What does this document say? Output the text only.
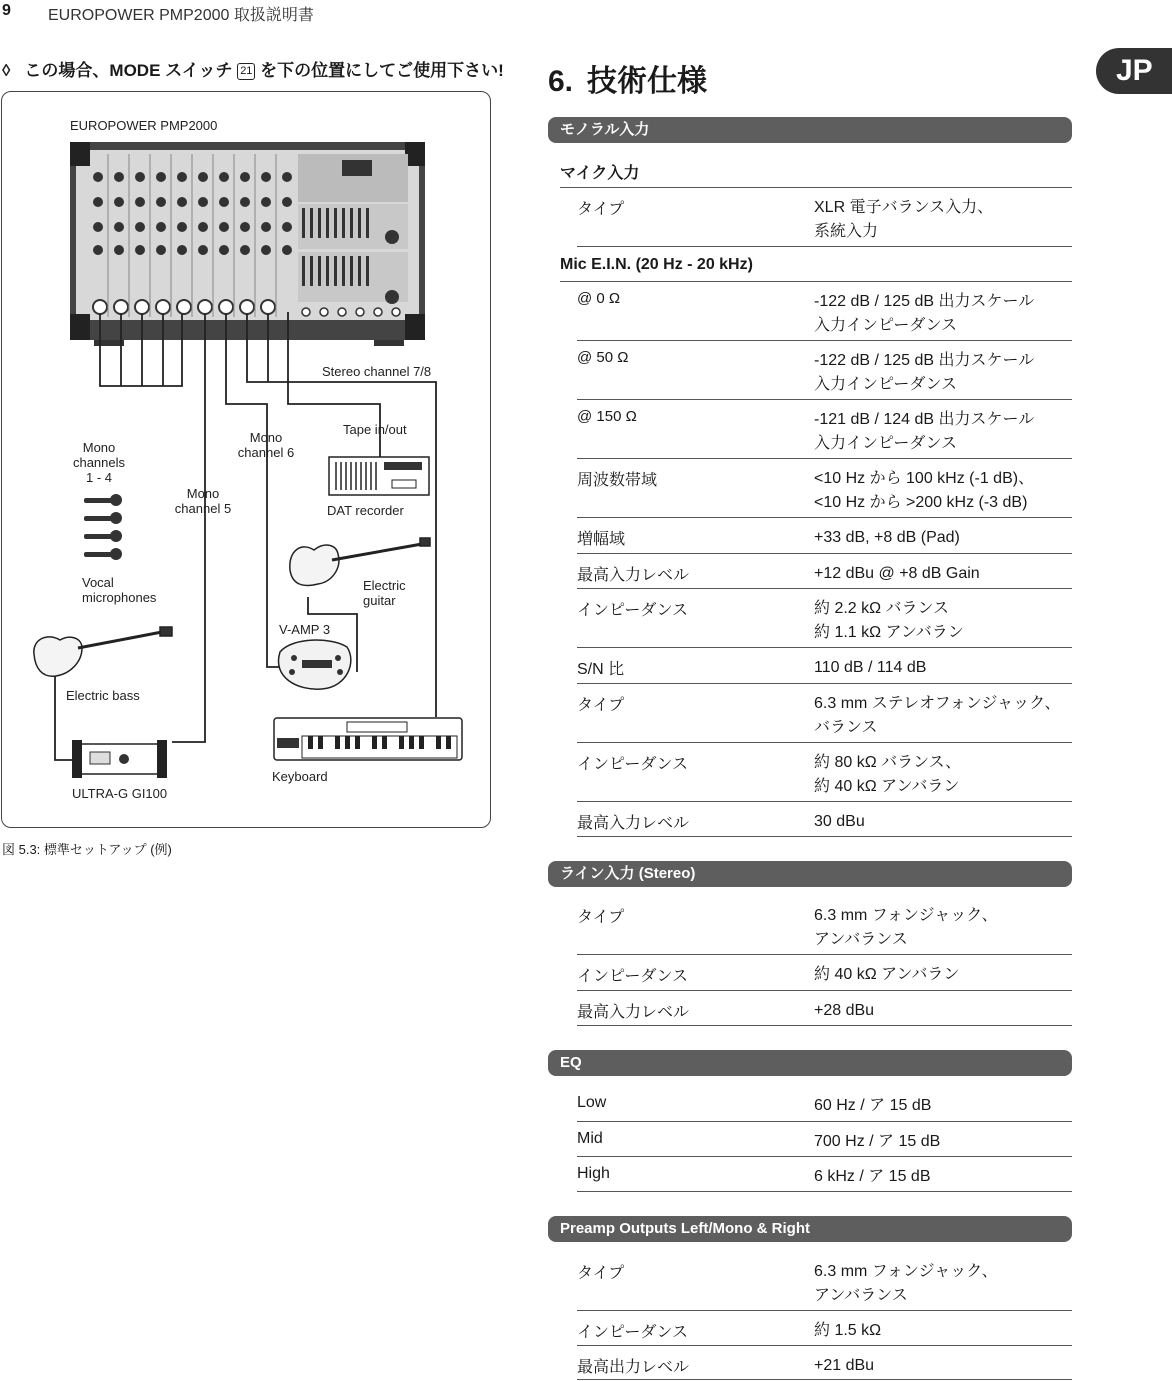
9 EUROPOWER PMP2000 取扱説明書
JP
◊ この場合、MODE スイッチ 21 を下の位置にしてご使用下さい!
EUROPOWER PMP2000
Stereo channel 7/8
Tape in/out
Mono
channel 6
Mono
channels
1 - 4
Mono
channel 5	DAT recorder
Electric
guitar
Vocal
microphones
V-AMP 3
Electric bass
Keyboard
ULTRA-G GI100
図 5.3: 標準セットアップ (例)
6. 技術仕様
モノラル入力
マイク入力
タイプ	XLR 電子バランス入力、
系統入力
Mic E.I.N. (20 Hz - 20 kHz)
@ 0 Ω	-122 dB / 125 dB 出力スケール
入力インピーダンス
@ 50 Ω	-122 dB / 125 dB 出力スケール
入力インピーダンス
@ 150 Ω	-121 dB / 124 dB 出力スケール
入力インピーダンス
周波数帯域	<10 Hz から 100 kHz (-1 dB)、
<10 Hz から >200 kHz (-3 dB)
増幅域	+33 dB, +8 dB (Pad)
最高入力レベル	+12 dBu @ +8 dB Gain
インピーダンス	約 2.2 kΩ バランス
約 1.1 kΩ アンバラン
S/N 比	110 dB / 114 dB
タイプ	6.3 mm ステレオフォンジャック、
バランス
インピーダンス	約 80 kΩ バランス、
約 40 kΩ アンバラン
最高入力レベル	30 dBu
ライン入力 (Stereo)
タイプ	6.3 mm フォンジャック、
アンバランス
インピーダンス	約 40 kΩ アンバラン
最高入力レベル	+28 dBu
EQ
Low	60 Hz / ア 15 dB
Mid	700 Hz / ア 15 dB
High	6 kHz / ア 15 dB
Preamp Outputs Left/Mono & Right
タイプ	6.3 mm フォンジャック、
アンバランス
インピーダンス	約 1.5 kΩ
最高出力レベル	+21 dBu
